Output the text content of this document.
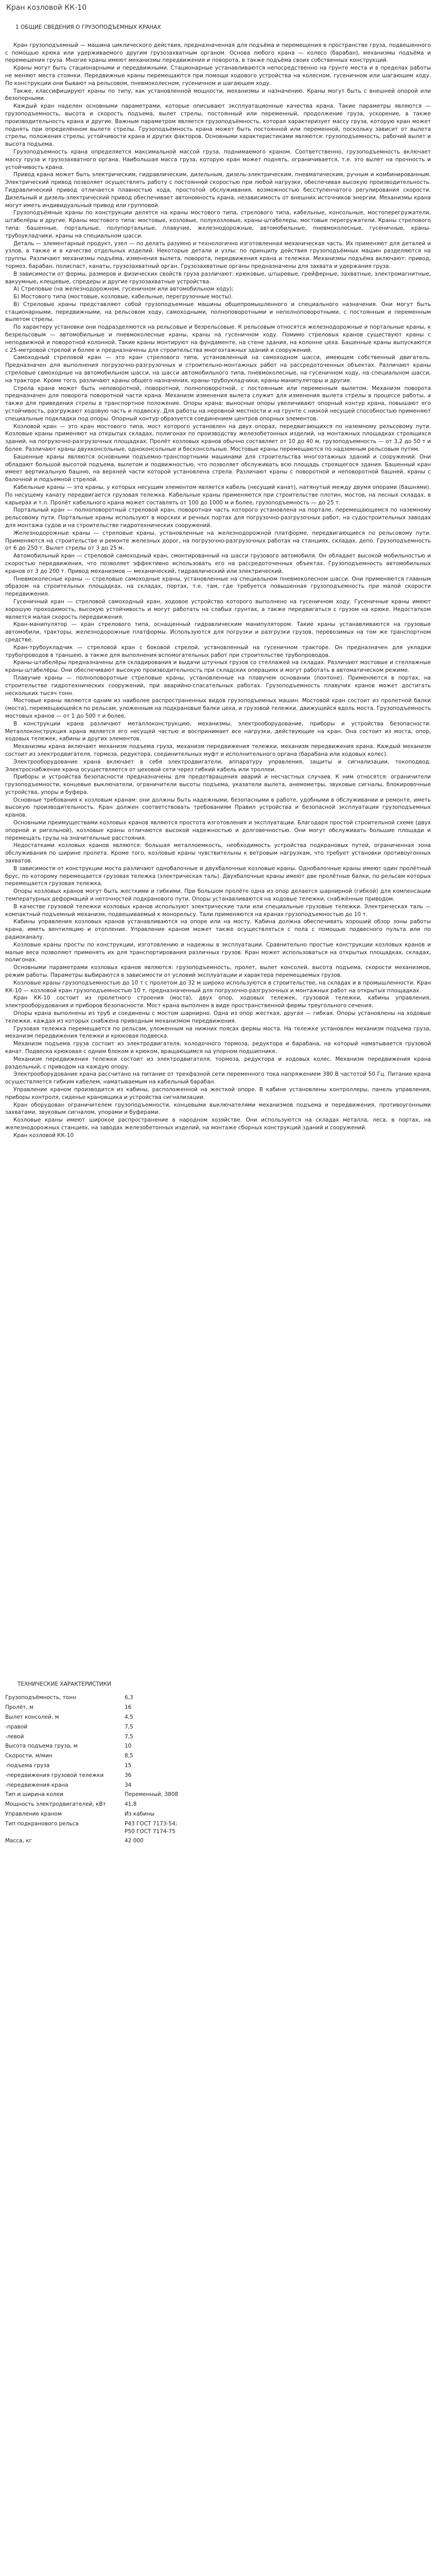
Кран козловой КК-10
1 ОБЩИЕ СВЕДЕНИЯ О ГРУЗОПОДЪЕМНЫХ КРАНАХ

Кран грузоподъемный — машина циклического действия, предназначенная для подъёма и перемещения в пространстве груза, подвешенного с помощью крюка или удерживаемого другим грузозахватным органом. Основа любого крана — колесо (барабан), механизмы подъёма и перемещения груза. Многие краны имеют механизмы передвижения и поворота, в также подъёма своих собственных конструкций.

Краны могут быть стационарными и передвижными. Стационарные устанавливаются непосредственно на грунте места и в пределах работы не меняют места стоянки. Передвижные краны перемещаются при помощи ходового устройства на колесном, гусеничном или шагающем ходу. По конструкции они бывают на рельсовом, пневмоколесном, гусеничном и шагающем ходу.

Также, классифицируют краны по типу, как установленной мощности, механизмы и назначению. Краны могут быть с внешней опорой или безопорными.

Каждый кран наделен основными параметрами, которые описывают эксплуатационные качества крана. Такие параметры являются — грузоподъемность, высота и скорость подъема, вылет стрелы, постоянный или переменный, продолжение груза, ускорение, а также производительность крана и другие. Важным параметром является грузоподъёмность, которая характеризует массу груза, которую кран может поднять при определённом вылете стрелы. Грузоподъёмность крана может быть постоянной или переменной, поскольку зависит от вылета стрелы, положения стрелы, устойчивости крана и других факторов. Основными характеристиками являются: грузоподъемность, рабочий вылет и высота подъема.

Грузоподъемность крана определяется максимальной массой груза, поднимаемого краном. Соответственно, грузоподъемность включает массу груза и грузозахватного органа. Наибольшая масса груза, которую кран может поднять, ограничивается, т.е. это вылет на прочность и устойчивость крана.

Привод крана может быть электрическим, гидравлическим, дизельным, дизель-электрическим, пневматическим, ручным и комбинированным. Электрический привод позволяет осуществлять работу с постоянной скоростью при любой нагрузке, обеспечивая высокую производительность. Гидравлический привод отличается плавностью хода, простотой обслуживания, возможностью бесступенчатого регулирования скорости. Дизельный и дизель-электрический привод обеспечивает автономность крана, независимость от внешних источников энергии. Механизмы крана могут иметь индивидуальный привод или групповой.

Грузоподъёмные краны по конструкции делятся на краны мостового типа, стрелового типа, кабельные, консольные, мостоперегружатели, штабелёры и другие. Краны мостового типа: мостовые, козловые, полукозловые, краны-штабелеры, мостовые перегружатели. Краны стрелового типа: башенные, портальные, полупортальные, плавучие, железнодорожные, автомобильные, пневмоколесные, гусеничные, краны-трубоукладчики, краны на специальном шасси.

Деталь — элементарный продукт, узел — по делать разумно и технологично изготовленная механическая часть. Их применяют для деталей и узлов, а также и в качестве отдельных изделий. Некоторые детали и узлы: по принципу действия грузоподъёмных машин разделяются на группы. Различают механизмы подъёма, изменения вылета, поворота, передвижения крана и тележки. Механизмы подъёма включают: привод, тормоз, барабан, полиспаст, канаты, грузозахватный орган. Грузозахватные органы предназначены для захвата и удержания груза.

В зависимости от формы, размеров и физических свойств груза различают: крюковые, штыревые, грейферные, захватные, электромагнитные, вакуумные, клещевые, спредеры и другие грузозахватные устройства.

А) Стреловые (на железнодорожном, гусеничном или автомобильном ходу);

Б) Мостового типа (мостовые, козловые, кабельные, перегрузочные мосты).

В) Стреловые краны представляют собой грузоподъемные машины общепромышленного и специального назначения. Они могут быть стационарными, передвижными, на рельсовом ходу, самоходными, полноповоротными и неполноповоротными, с постоянным и переменным вылетом стрелы.

По характеру установки они подразделяются на рельсовые и безрельсовые. К рельсовым относятся железнодорожные и портальные краны, к безрельсовым — автомобильные и пневмоколесные краны, краны на гусеничном ходу. Помимо стреловых кранов существуют краны с неподвижной и поворотной колонной. Такие краны монтируют на фундаменте, на стене здания, на колонне цеха. Башенные краны выпускаются с 25-метровой стрелой и более и предназначены для строительства многоэтажных зданий и сооружений.

Самоходный стреловой кран — это кран стрелового типа, установленный на самоходном шасси, имеющем собственный двигатель. Предназначен для выполнения погрузочно-разгрузочных и строительно-монтажных работ на рассредоточенных объектах. Различают краны стреловые самоходные на автомобильном шасси, на шасси автомобильного типа, пневмоколесные, на гусеничном ходу, на специальном шасси, на тракторе. Кроме того, различают краны общего назначения, краны-трубоукладчики, краны-манипуляторы и другие.

Стрела крана может быть неповоротной, поворотной, полноповоротной, с постоянным или переменным вылетом. Механизм поворота предназначен для поворота поворотной части крана. Механизм изменения вылета служит для изменения вылета стрелы в процессе работы, а также для приведения стрелы в транспортное положение. Опоры крана: выносные опоры увеличивают опорный контур крана, повышают его устойчивость, разгружают ходовую часть и подвеску. Для работы на неровной местности и на грунте с низкой несущей способностью применяют специальные подкладки под опоры. Опорный контур образуется соединением центров опорных элементов.

Козловой кран — это кран мостового типа, мост которого установлен на двух опорах, передвигающихся по наземному рельсовому пути. Козловые краны применяют на открытых складах, полигонах по производству железобетонных изделий, на монтажных площадках строящихся зданий, на погрузочно-разгрузочных площадках. Пролёт козловых кранов обычно составляет от 10 до 40 м, грузоподъемность — от 3,2 до 50 т и более. Различают краны двухконсольные, одноконсольные и бесконсольные. Мостовые краны перемещаются по надземным рельсовым путям.

Башенные краны являются основными подъемно-транспортными машинами для строительства многоэтажных зданий и сооружений. Они обладают большой высотой подъема, вылетом и подвижностью, что позволяет обслуживать всю площадь строящегося здания. Башенный кран имеет вертикальную башню, на верхней части которой установлена стрела. Различают краны с поворотной и неповоротной башней, краны с балочной и подъемной стрелой.

Кабельные краны — это краны, у которых несущим элементом является кабель (несущий канат), натянутый между двумя опорами (башнями). По несущему канату передвигается грузовая тележка. Кабельные краны применяются при строительстве плотин, мостов, на лесных складах, в карьерах и т.п. Пролёт кабельного крана может составлять от 100 до 1000 м и более, грузоподъемность — до 25 т.

Портальный кран — полноповоротный стреловой кран, поворотная часть которого установлена на портале, перемещающемся по наземному рельсовому пути. Портальные краны используют в морских и речных портах для погрузочно-разгрузочных работ, на судостроительных заводах для монтажа судов и на строительстве гидротехнических сооружений.

Железнодорожные краны — стреловые краны, установленные на железнодорожной платформе, передвигающиеся по рельсовому пути. Применяются на строительстве и ремонте железных дорог, на погрузочно-разгрузочных работах на станциях, складах, депо. Грузоподъемность от 6 до 250 т. Вылет стрелы от 3 до 25 м.

Автомобильный кран — стреловой самоходный кран, смонтированный на шасси грузового автомобиля. Он обладает высокой мобильностью и скоростью передвижения, что позволяет эффективно использовать его на рассредоточенных объектах. Грузоподъемность автомобильных кранов от 3 до 200 т. Привод механизмов — механический, гидравлический или электрический.

Пневмоколесные краны — стреловые самоходные краны, установленные на специальном пневмоколесном шасси. Они применяются главным образом на строительных площадках, на складах, портах, т.е. там, где требуется повышенная грузоподъемность при малой скорости передвижения.

Гусеничный кран — стреловой самоходный кран, ходовое устройство которого выполнено на гусеничном ходу. Гусеничные краны имеют хорошую проходимость, высокую устойчивость и могут работать на слабых грунтах, а также передвигаться с грузом на крюке. Недостатком является малая скорость передвижения.

Кран-манипулятор — кран стрелового типа, оснащенный гидравлическим манипулятором. Такие краны устанавливаются на грузовые автомобили, тракторы, железнодорожные платформы. Используются для погрузки и разгрузки грузов, перевозимых на том же транспортном средстве.

Кран-трубоукладчик — стреловой кран с боковой стрелой, установленный на гусеничном тракторе. Он предназначен для укладки трубопроводов в траншею, а также для выполнения вспомогательных работ при строительстве трубопроводов.

Краны-штабелёры предназначены для складирования и выдачи штучных грузов со стеллажей на складах. Различают мостовые и стеллажные краны-штабелёры. Они обеспечивают высокую производительность при складских операциях и могут работать в автоматическом режиме.

Плавучие краны — полноповоротные стреловые краны, установленные на плавучем основании (понтоне). Применяются в портах, на строительстве гидротехнических сооружений, при аварийно-спасательных работах. Грузоподъемность плавучих кранов может достигать нескольких тысяч тонн.

Мостовые краны являются одним из наиболее распространенных видов грузоподъемных машин. Мостовой кран состоит из пролетной балки (моста), перемещающейся по рельсам, уложенным на подкрановые балки цеха, и грузовой тележки, движущейся вдоль моста. Грузоподъемность мостовых кранов — от 1 до 500 т и более.

В конструкции крана различают металлоконструкцию, механизмы, электрооборудование, приборы и устройства безопасности. Металлоконструкция крана является его несущей частью и воспринимает все нагрузки, действующие на кран. Она состоит из моста, опор, ходовых тележек, кабины и других элементов.

Механизмы крана включают механизм подъема груза, механизм передвижения тележки, механизм передвижения крана. Каждый механизм состоит из электродвигателя, тормоза, редуктора, соединительных муфт и исполнительного органа (барабана или ходовых колес).

Электрооборудование крана включает в себя электродвигатели, аппаратуру управления, защиты и сигнализации, токоподвод. Электроснабжение крана осуществляется от цеховой сети через гибкий кабель или троллеи.

Приборы и устройства безопасности предназначены для предотвращения аварий и несчастных случаев. К ним относятся: ограничители грузоподъемности, концевые выключатели, ограничители высоты подъема, указатели вылета, анемометры, звуковые сигналы, блокировочные устройства, упоры и буфера.

Основные требования к козловым кранам: они должны быть надежными, безопасными в работе, удобными в обслуживании и ремонте, иметь высокую производительность. Кран должен соответствовать требованиям Правил устройства и безопасной эксплуатации грузоподъемных кранов.

Основными преимуществами козловых кранов являются простота изготовления и эксплуатации. Благодаря простой строительной схеме (двух опорной и ригельной), козловые краны отличаются высокой надежностью и долговечностью. Они могут обслуживать большие площади и перемещать грузы на значительные расстояния.

Недостатками козловых кранов являются: большая металлоемкость, необходимость устройства подкрановых путей, ограниченная зона обслуживания по ширине пролета. Кроме того, козловые краны чувствительны к ветровым нагрузкам, что требует установки противоугонных захватов.

В зависимости от конструкции моста различают однобалочные и двухбалочные козловые краны. Однобалочные краны имеют один пролётный брус, по которому перемещается грузовая тележка (электрическая таль). Двухбалочные краны имеют две пролётные балки, по рельсам которых перемещается грузовая тележка.

Опоры козловых кранов могут быть жесткими и гибкими. При большом пролёте одна из опор делается шарнирной (гибкой) для компенсации температурных деформаций и неточностей подкранового пути. Опоры устанавливаются на ходовые тележки, снабжённые приводом.

В качестве грузовой тележки козловых кранов используют электрические тали или специальные грузовые тележки. Электрическая таль — компактный подъемный механизм, подвешиваемый к монорельсу. Тали применяются на кранах грузоподъемностью до 10 т.

Кабины управления козловых кранов устанавливаются на опоре или на мосту. Кабина должна обеспечивать хороший обзор зоны работы крана, иметь вентиляцию и отопление. Управление краном может также осуществляться с пола с помощью подвесного пульта или по радиоканалу.

Козловые краны просты по конструкции, изготовлению и надежны в эксплуатации. Сравнительно простые конструкции козловых кранов и малые веса позволяют применять их для транспортирования различных грузов. Кран может использоваться на открытых площадках, складах, полигонах.

Основными параметрами козловых кранов являются: грузоподъемность, пролет, вылет консолей, высота подъема, скорости механизмов, режим работы. Параметры выбираются в зависимости от условий эксплуатации и характера перемещаемых грузов.

Козловые краны грузоподъемностью до 10 т с пролетом до 32 м широко используются в строительстве, на складах и в промышленности. Кран КК-10 — козловой кран грузоподъемностью 10 т, предназначенный для погрузочно-разгрузочных и монтажных работ на открытых площадках.

Кран КК-10 состоит из пролетного строения (моста), двух опор, ходовых тележек, грузовой тележки, кабины управления, электрооборудования и приборов безопасности. Мост крана выполнен в виде пространственной фермы треугольного сечения.

Опоры крана выполнены из труб и соединены с мостом шарнирно. Одна из опор жесткая, другая — гибкая. Опоры установлены на ходовые тележки, каждая из которых снабжена приводным механизмом передвижения.

Грузовая тележка перемещается по рельсам, уложенным на нижних поясах фермы моста. На тележке установлен механизм подъема груза, механизм передвижения тележки и крюковая подвеска.

Механизм подъема груза состоит из электродвигателя, колодочного тормоза, редуктора и барабана, на который наматывается грузовой канат. Подвеска крюковая с одним блоком и крюком, вращающимся на упорном подшипнике.

Механизм передвижения тележки состоит из электродвигателя, тормоза, редуктора и ходовых колес. Механизм передвижения крана раздельный, с приводом на каждую опору.

Электрооборудование крана рассчитано на питание от трехфазной сети переменного тока напряжением 380 В частотой 50 Гц. Питание крана осуществляется гибким кабелем, наматываемым на кабельный барабан.

Управление краном производится из кабины, расположенной на жесткой опоре. В кабине установлены контроллеры, панель управления, приборы контроля, сиденье крановщика и устройства сигнализации.

Кран оборудован ограничителем грузоподъемности, концевыми выключателями механизмов подъема и передвижения, противоугонными захватами, звуковым сигналом, упорами и буферами.

Козловые краны имеют широкое распространение в народном хозяйстве. Они используются на складах металла, леса, в портах, на железнодорожных станциях, на заводах железобетонных изделий, на монтаже сборных конструкций зданий и сооружений.

Кран козловой КК-10

ТЕХНИЧЕСКИЕ ХАРАКТЕРИСТИКИ
Грузоподъёмность, тонн	6,3
Пролёт, м	16
Вылет консолей, м	4,5
-правой	7,5
-левой	7,5
Высота подъема груза, м	10
Скорости, м/мин	8,5
-подъема груза	15
-передвижения грузовой тележки	36
-передвижения крана	34
Тип и ширина колеи	Переменный, 3808
Мощность электродвигателей, кВт	41,8
Управление краном	Из кабины
Тип подкранового рельса	Р43 ГОСТ 7173-54;
Р50 ГОСТ 7174-75
Масса, кг	42 000
